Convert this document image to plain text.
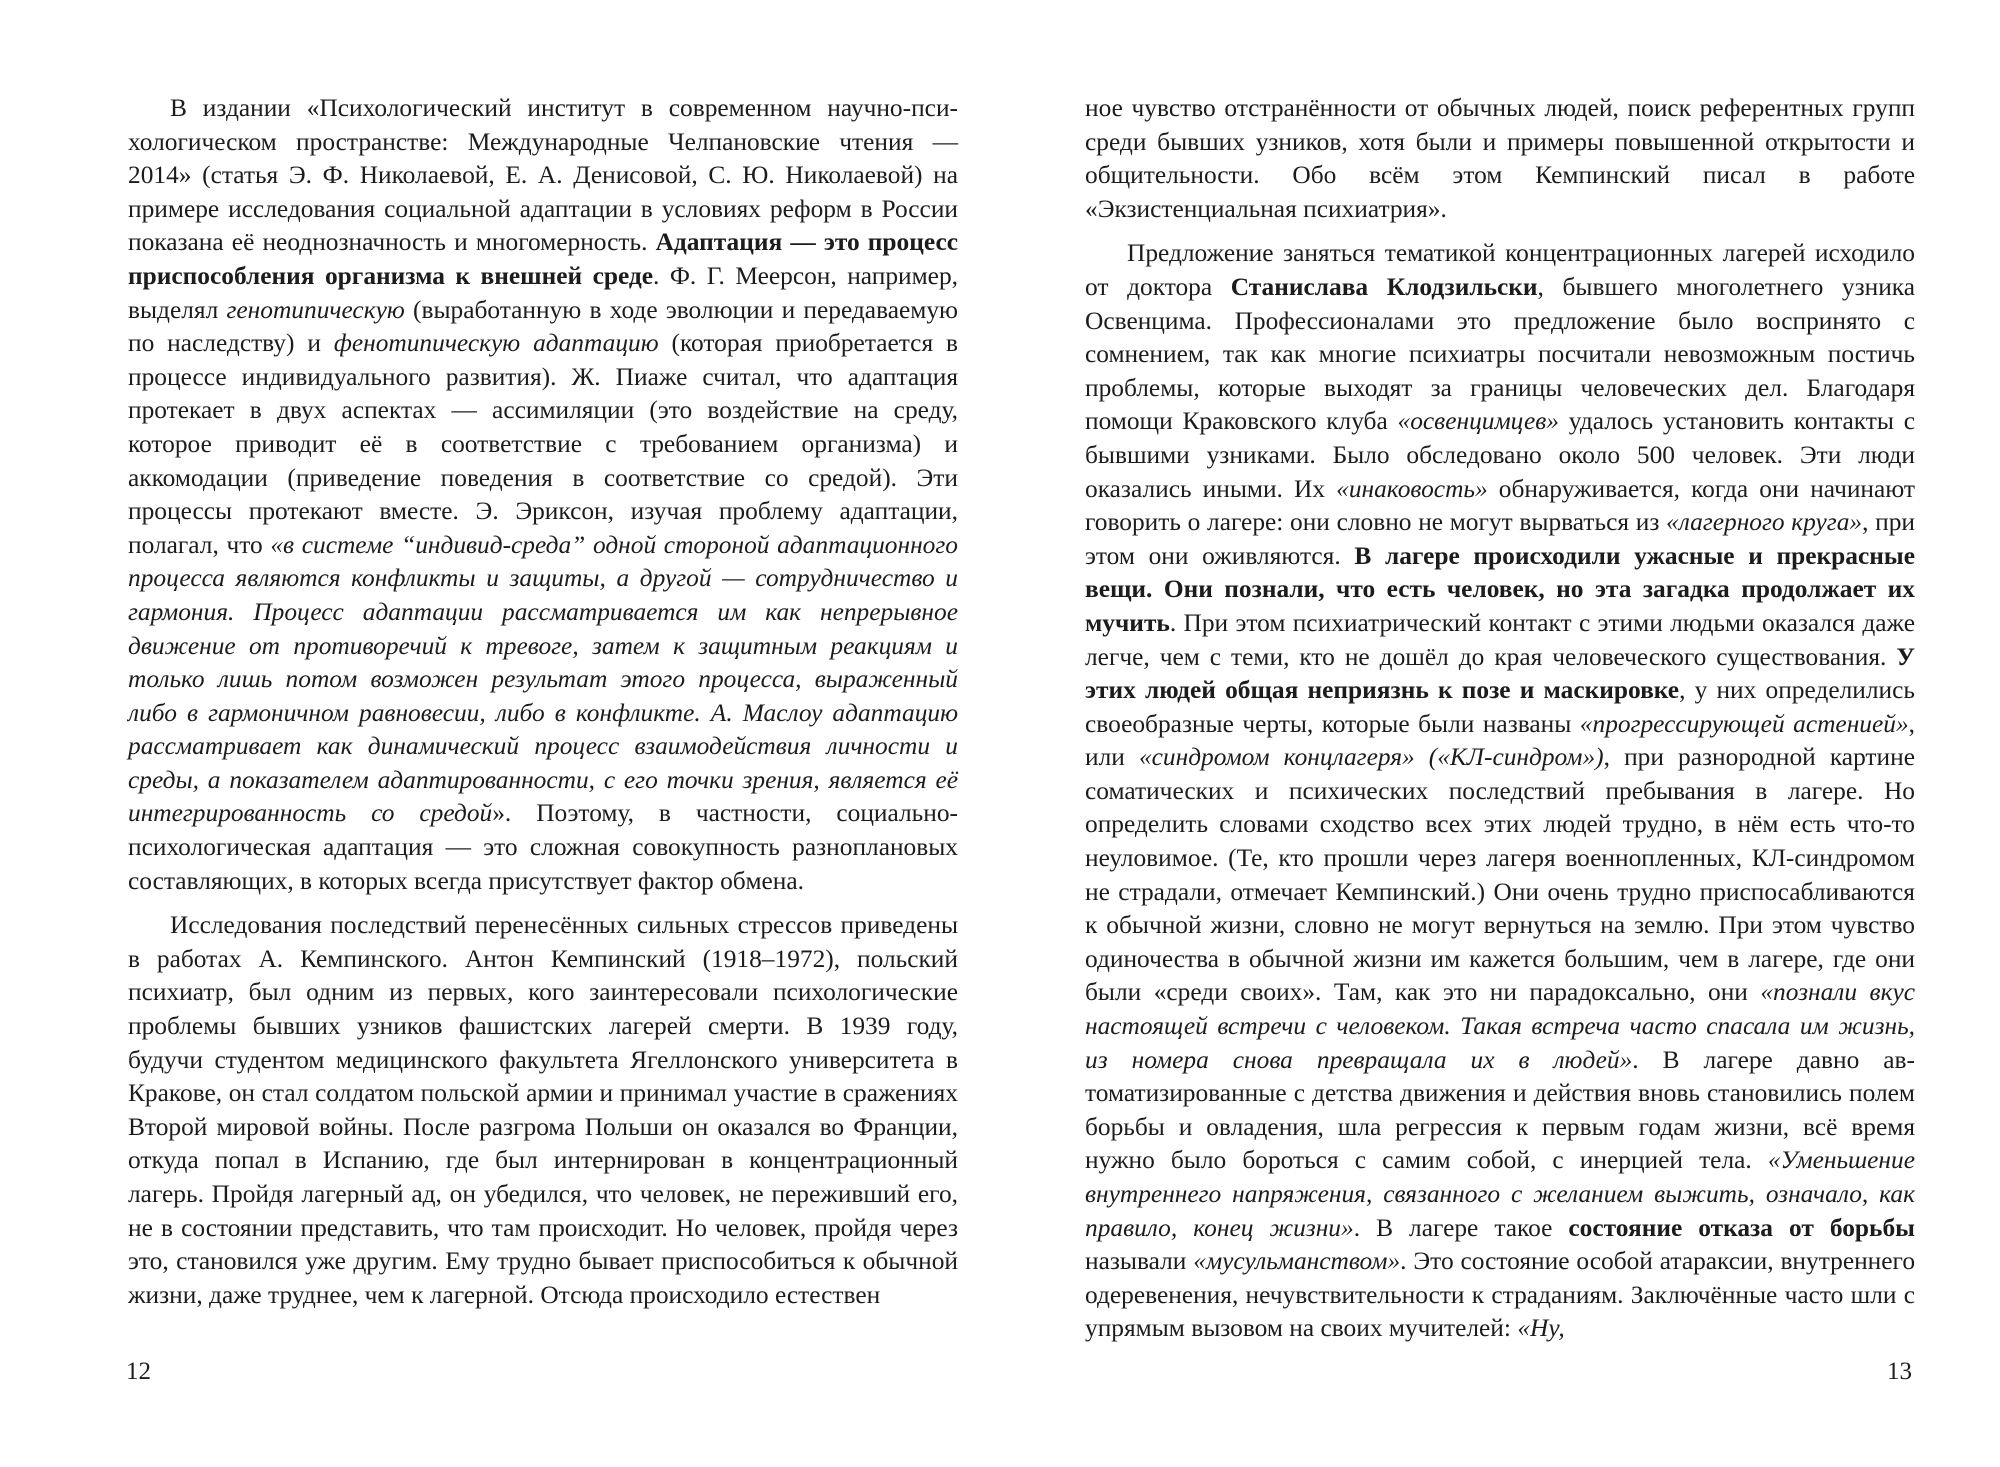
В издании «Психологический институт в современном научно-психологическом пространстве: Международные Челпановские чтения — 2014» (статья Э. Ф. Николаевой, Е. А. Денисовой, С. Ю. Николаевой) на примере исследования социальной адаптации в условиях реформ в России показана её неоднозначность и многомерность. Адаптация — это процесс приспособления организма к внешней среде. Ф. Г. Меерсон, например, выделял генотипическую (выработанную в ходе эволюции и передаваемую по наследству) и фенотипическую адаптацию (которая приобретается в процессе индивидуального развития). Ж. Пиаже считал, что адаптация протекает в двух аспектах — ассимиляции (это воздействие на среду, которое приводит её в соответствие с требованием организма) и аккомодации (приведение поведения в соответствие со средой). Эти процессы протекают вместе. Э. Эриксон, изучая проблему адаптации, полагал, что «в системе “индивид-среда” одной стороной адаптационного процесса являются конфликты и защиты, а другой — сотрудничество и гармония. Процесс адаптации рассматривается им как непрерывное движение от противоречий к тревоге, затем к защитным реакциям и только лишь потом возможен результат этого процесса, выраженный либо в гармоничном равновесии, либо в конфликте. А. Маслоу адаптацию рассматривает как динамический процесс взаимодействия личности и среды, а показателем адаптированности, с его точки зрения, является её интегрированность со средой». Поэтому, в частности, социально-психологическая адаптация — это сложная совокупность разноплановых составляющих, в которых всегда присутствует фактор обмена.

Исследования последствий перенесённых сильных стрессов приведены в работах А. Кемпинского. Антон Кемпинский (1918–1972), польский психиатр, был одним из первых, кого заинтересовали психологические проблемы бывших узников фашистских лагерей смерти. В 1939 году, будучи студентом медицинского факультета Ягеллонского университета в Кракове, он стал солдатом польской армии и принимал участие в сражениях Второй мировой войны. После разгрома Польши он оказался во Франции, откуда попал в Испанию, где был интернирован в концентрационный лагерь. Пройдя лагерный ад, он убедился, что человек, не переживший его, не в состоянии представить, что там происходит. Но человек, пройдя через это, становился уже другим. Ему трудно бывает приспособиться к обычной жизни, даже труднее, чем к лагерной. Отсюда происходило естествен

12

ное чувство отстранённости от обычных людей, поиск референтных групп среди бывших узников, хотя были и примеры повышенной открытости и общительности. Обо всём этом Кемпинский писал в работе «Экзистенциальная психиатрия».

Предложение заняться тематикой концентрационных лагерей исходило от доктора Станислава Клодзильски, бывшего многолетнего узника Освенцима. Профессионалами это предложение было воспринято с сомнением, так как многие психиатры посчитали невозможным постичь проблемы, которые выходят за границы человеческих дел. Благодаря помощи Краковского клуба «освенцимцев» удалось установить контакты с бывшими узниками. Было обследовано около 500 человек. Эти люди оказались иными. Их «инаковость» обнаруживается, когда они начинают говорить о лагере: они словно не могут вырваться из «лагерного круга», при этом они оживляются. В лагере происходили ужасные и прекрасные вещи. Они познали, что есть человек, но эта загадка продолжает их мучить. При этом психиатрический контакт с этими людьми оказался даже легче, чем с теми, кто не дошёл до края человеческого существования. У этих людей общая неприязнь к позе и маскировке, у них определились своеобразные черты, которые были названы «прогрессирующей астенией», или «синдромом концлагеря» («КЛ-синдром»), при разнородной картине соматических и психических последствий пребывания в лагере. Но определить словами сходство всех этих людей трудно, в нём есть что-то неуловимое. (Те, кто прошли через лагеря военнопленных, КЛ-синдромом не страдали, отмечает Кемпинский.) Они очень трудно приспосабливаются к обычной жизни, словно не могут вернуться на землю. При этом чувство одиночества в обычной жизни им кажется большим, чем в лагере, где они были «среди своих». Там, как это ни парадоксально, они «познали вкус настоящей встречи с человеком. Такая встреча часто спасала им жизнь, из номера снова превращала их в людей». В лагере давно автоматизированные с детства движения и действия вновь становились полем борьбы и овладения, шла регрессия к первым годам жизни, всё время нужно было бороться с самим собой, с инерцией тела. «Уменьшение внутреннего напряжения, связанного с желанием выжить, означало, как правило, конец жизни». В лагере такое состояние отказа от борьбы называли «мусульманством». Это состояние особой атараксии, внутреннего одеревенения, нечувствительности к страданиям. Заключённые часто шли с упрямым вызовом на своих мучителей: «Ну,

13
